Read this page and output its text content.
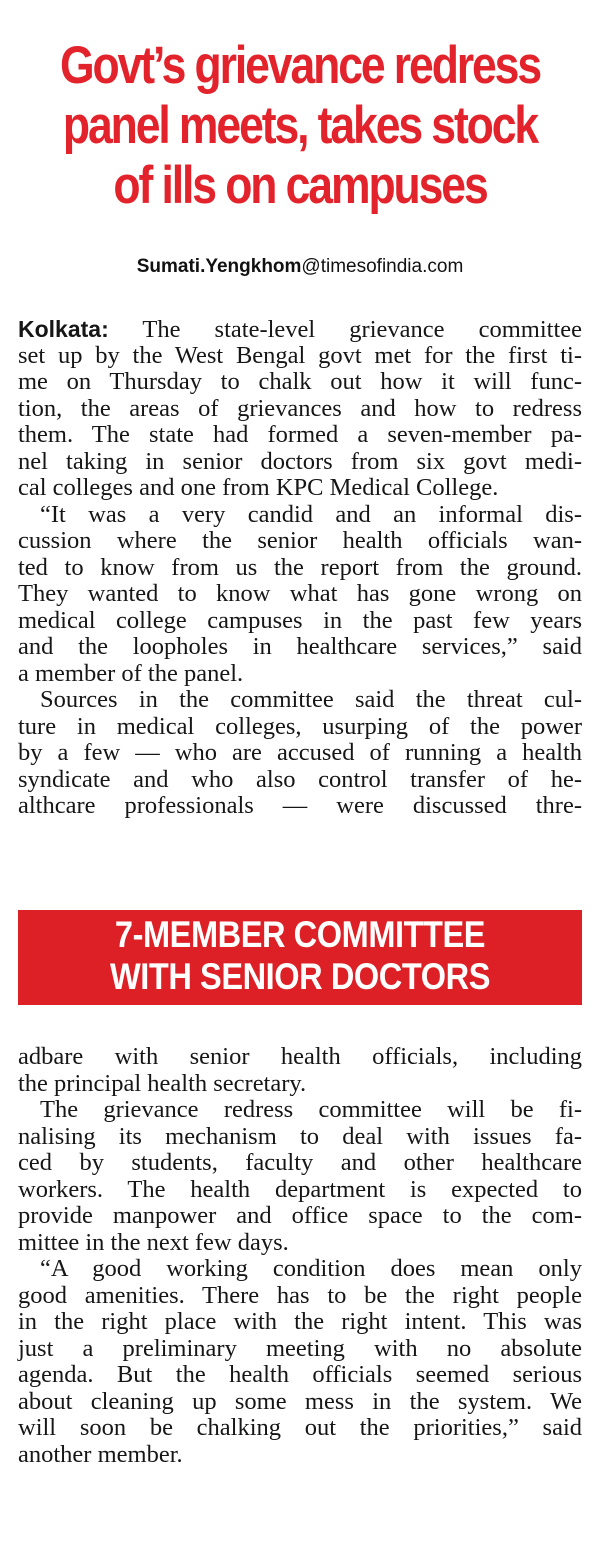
Govt’s grievance redress
panel meets, takes stock
of ills on campuses
Sumati.Yengkhom@timesofindia.com
Kolkata: The state-level grievance committee
set up by the West Bengal govt met for the first ti-
me on Thursday to chalk out how it will func-
tion, the areas of grievances and how to redress
them. The state had formed a seven-member pa-
nel taking in senior doctors from six govt medi-
cal colleges and one from KPC Medical College.
“It was a very candid and an informal dis-
cussion where the senior health officials wan-
ted to know from us the report from the ground.
They wanted to know what has gone wrong on
medical college campuses in the past few years
and the loopholes in healthcare services,” said
a member of the panel.
Sources in the committee said the threat cul-
ture in medical colleges, usurping of the power
by a few — who are accused of running a health
syndicate and who also control transfer of he-
althcare professionals — were discussed thre-
7-MEMBER COMMITTEE
WITH SENIOR DOCTORS
adbare with senior health officials, including
the principal health secretary.
The grievance redress committee will be fi-
nalising its mechanism to deal with issues fa-
ced by students, faculty and other healthcare
workers. The health department is expected to
provide manpower and office space to the com-
mittee in the next few days.
“A good working condition does mean only
good amenities. There has to be the right people
in the right place with the right intent. This was
just a preliminary meeting with no absolute
agenda. But the health officials seemed serious
about cleaning up some mess in the system. We
will soon be chalking out the priorities,” said
another member.
